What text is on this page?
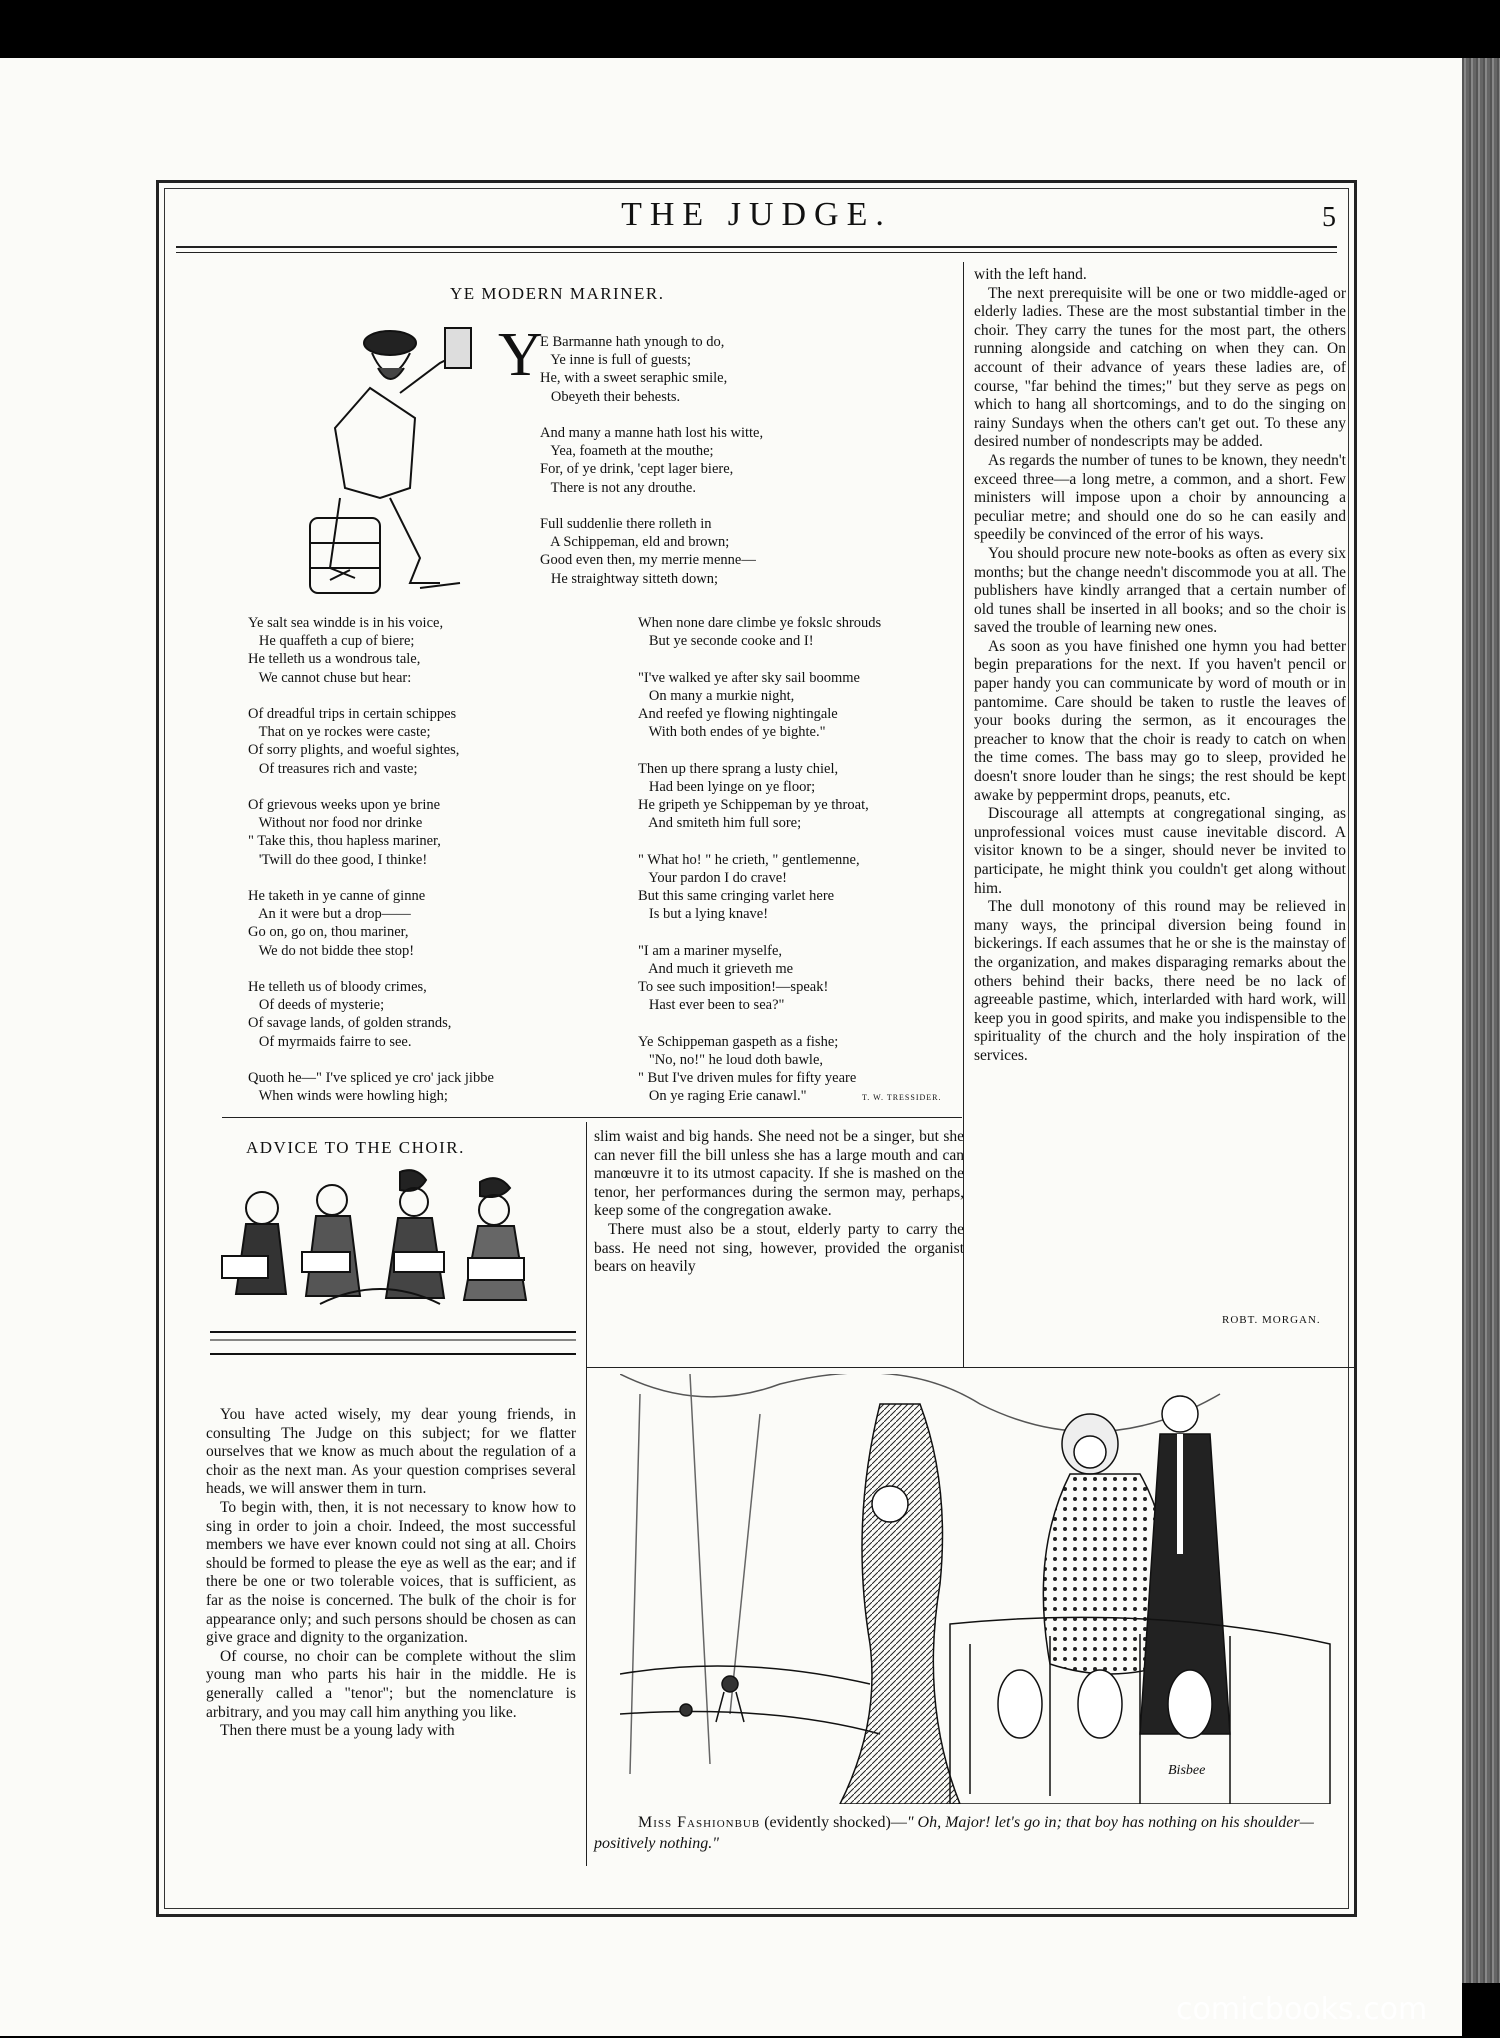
THE JUDGE.	5
YE MODERN MARINER.
Y
E Barmanne hath ynough to do,
Ye inne is full of guests;
He, with a sweet seraphic smile,
Obeyeth their behests.

And many a manne hath lost his witte,
Yea, foameth at the mouthe;
For, of ye drink, 'cept lager biere,
There is not any drouthe.

Full suddenlie there rolleth in
A Schippeman, eld and brown;
Good even then, my merrie menne—
He straightway sitteth down;
Ye salt sea windde is in his voice,
He quaffeth a cup of biere;
He telleth us a wondrous tale,
We cannot chuse but hear:

Of dreadful trips in certain schippes
That on ye rockes were caste;
Of sorry plights, and woeful sightes,
Of treasures rich and vaste;

Of grievous weeks upon ye brine
Without nor food nor drinke
" Take this, thou hapless mariner,
'Twill do thee good, I thinke!

He taketh in ye canne of ginne
An it were but a drop——
Go on, go on, thou mariner,
We do not bidde thee stop!

He telleth us of bloody crimes,
Of deeds of mysterie;
Of savage lands, of golden strands,
Of myrmaids fairre to see.

Quoth he—" I've spliced ye cro' jack jibbe
When winds were howling high;
When none dare climbe ye fokslc shrouds
But ye seconde cooke and I!

"I've walked ye after sky sail boomme
On many a murkie night,
And reefed ye flowing nightingale
With both endes of ye bighte."

Then up there sprang a lusty chiel,
Had been lyinge on ye floor;
He gripeth ye Schippeman by ye throat,
And smiteth him full sore;

" What ho! " he crieth, " gentlemenne,
Your pardon I do crave!
But this same cringing varlet here
Is but a lying knave!

"I am a mariner myselfe,
And much it grieveth me
To see such imposition!—speak!
Hast ever been to sea?"

Ye Schippeman gaspeth as a fishe;
"No, no!" he loud doth bawle,
" But I've driven mules for fifty yeare
On ye raging Erie canawl."	T. W. TRESSIDER.
ADVICE TO THE CHOIR.

You have acted wisely, my dear young friends, in consulting The Judge on this subject; for we flatter ourselves that we know as much about the regulation of a choir as the next man. As your question comprises several heads, we will answer them in turn.

To begin with, then, it is not necessary to know how to sing in order to join a choir. Indeed, the most successful members we have ever known could not sing at all. Choirs should be formed to please the eye as well as the ear; and if there be one or two tolerable voices, that is sufficient, as far as the noise is concerned. The bulk of the choir is for appearance only; and such persons should be chosen as can give grace and dignity to the organization.

Of course, no choir can be complete without the slim young man who parts his hair in the middle. He is generally called a "tenor"; but the nomenclature is arbitrary, and you may call him anything you like.

Then there must be a young lady with

slim waist and big hands. She need not be a singer, but she can never fill the bill unless she has a large mouth and can manœuvre it to its utmost capacity. If she is mashed on the tenor, her performances during the sermon may, perhaps, keep some of the congregation awake.

There must also be a stout, elderly party to carry the bass. He need not sing, however, provided the organist bears on heavily

with the left hand.

The next prerequisite will be one or two middle-aged or elderly ladies. These are the most substantial timber in the choir. They carry the tunes for the most part, the others running alongside and catching on when they can. On account of their advance of years these ladies are, of course, "far behind the times;" but they serve as pegs on which to hang all shortcomings, and to do the singing on rainy Sundays when the others can't get out. To these any desired number of nondescripts may be added.

As regards the number of tunes to be known, they needn't exceed three—a long metre, a common, and a short. Few ministers will impose upon a choir by announcing a peculiar metre; and should one do so he can easily and speedily be convinced of the error of his ways.

You should procure new note-books as often as every six months; but the change needn't discommode you at all. The publishers have kindly arranged that a certain number of old tunes shall be inserted in all books; and so the choir is saved the trouble of learning new ones.

As soon as you have finished one hymn you had better begin preparations for the next. If you haven't pencil or paper handy you can communicate by word of mouth or in pantomime. Care should be taken to rustle the leaves of your books during the sermon, as it encourages the preacher to know that the choir is ready to catch on when the time comes. The bass may go to sleep, provided he doesn't snore louder than he sings; the rest should be kept awake by peppermint drops, peanuts, etc.

Discourage all attempts at congregational singing, as unprofessional voices must cause inevitable discord. A visitor known to be a singer, should never be invited to participate, he might think you couldn't get along without him.

The dull monotony of this round may be relieved in many ways, the principal diversion being found in bickerings. If each assumes that he or she is the mainstay of the organization, and makes disparaging remarks about the others behind their backs, there need be no lack of agreeable pastime, which, interlarded with hard work, will keep you in good spirits, and make you indispensible to the spirituality of the church and the holy inspiration of the services.

ROBT. MORGAN.
Bisbee
Miss Fashionbub (evidently shocked)—" Oh, Major! let's go in; that boy has nothing on his shoulder—positively nothing."
comicbooks.com
